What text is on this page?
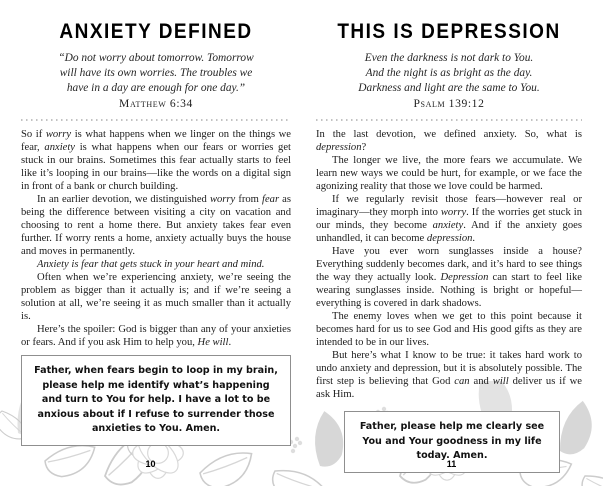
ANXIETY DEFINED
“Do not worry about tomorrow. Tomorrow
will have its own worries. The troubles we
have in a day are enough for one day.”
Matthew 6:34

So if worry is what happens when we linger on the things we fear, anxiety is what happens when our fears or worries get stuck in our brains. Sometimes this fear actually starts to feel like it’s looping in our brains—like the words on a digital sign in front of a bank or church building.

In an earlier devotion, we distinguished worry from fear as being the difference between visiting a city on vacation and choosing to rent a home there. But anxiety takes fear even further. If worry rents a home, anxiety actually buys the house and moves in permanently.

Anxiety is fear that gets stuck in your heart and mind.

Often when we’re experiencing anxiety, we’re seeing the problem as bigger than it actually is; and if we’re seeing a solution at all, we’re seeing it as much smaller than it actually is.

Here’s the spoiler: God is bigger than any of your anxieties or fears. And if you ask Him to help you, He will.

Father, when fears begin to loop in my brain, please help me identify what’s happening and turn to You for help. I have a lot to be anxious about if I refuse to surrender those anxieties to You. Amen.
10
THIS IS DEPRESSION
Even the darkness is not dark to You.
And the night is as bright as the day.
Darkness and light are the same to You.
Psalm 139:12

In the last devotion, we defined anxiety. So, what is depression?

The longer we live, the more fears we accumulate. We learn new ways we could be hurt, for example, or we face the agonizing reality that those we love could be harmed.

If we regularly revisit those fears—however real or imaginary—they morph into worry. If the worries get stuck in our minds, they become anxiety. And if the anxiety goes unhandled, it can become depression.

Have you ever worn sunglasses inside a house? Everything suddenly becomes dark, and it’s hard to see things the way they actually look. Depression can start to feel like wearing sunglasses inside. Nothing is bright or hopeful—everything is covered in dark shadows.

The enemy loves when we get to this point because it becomes hard for us to see God and His good gifts as they are intended to be in our lives.

But here’s what I know to be true: it takes hard work to undo anxiety and depression, but it is absolutely possible. The first step is believing that God can and will deliver us if we ask Him.

Father, please help me clearly see You and Your goodness in my life today. Amen.
11
